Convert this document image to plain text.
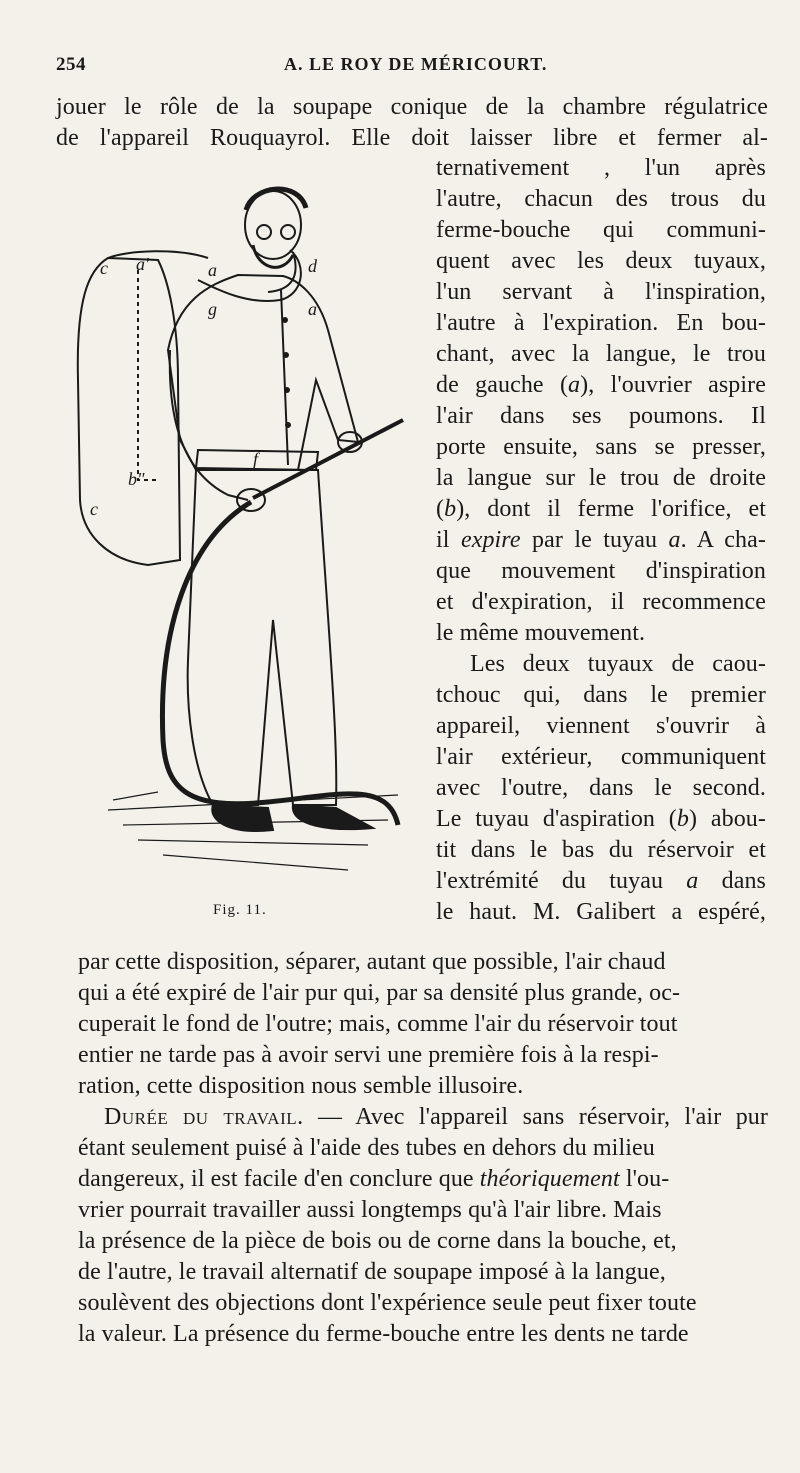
254	A. LE ROY DE MÉRICOURT.
jouer le rôle de la soupape conique de la chambre régulatrice
de l'appareil Rouquayrol. Elle doit laisser libre et fermer al-
ternativement , l'un après
l'autre, chacun des trous du
ferme-bouche qui communi-
quent avec les deux tuyaux,
l'un servant à l'inspiration,
l'autre à l'expiration. En bou-
chant, avec la langue, le trou
de gauche (a), l'ouvrier aspire
l'air dans ses poumons. Il
porte ensuite, sans se presser,
la langue sur le trou de droite
(b), dont il ferme l'orifice, et
il expire par le tuyau a. A cha-
que mouvement d'inspiration
et d'expiration, il recommence
le même mouvement.
Les deux tuyaux de caou-
tchouc qui, dans le premier
appareil, viennent s'ouvrir à
l'air extérieur, communiquent
avec l'outre, dans le second.
Le tuyau d'aspiration (b) abou-
tit dans le bas du réservoir et
l'extrémité du tuyau a dans
le haut. M. Galibert a espéré,
c a'	a	d
a
g
f
b"
c
Fig. 11.
par cette disposition, séparer, autant que possible, l'air chaud
qui a été expiré de l'air pur qui, par sa densité plus grande, oc-
cuperait le fond de l'outre; mais, comme l'air du réservoir tout
entier ne tarde pas à avoir servi une première fois à la respi-
ration, cette disposition nous semble illusoire.
Durée du travail. — Avec l'appareil sans réservoir, l'air pur
étant seulement puisé à l'aide des tubes en dehors du milieu
dangereux, il est facile d'en conclure que théoriquement l'ou-
vrier pourrait travailler aussi longtemps qu'à l'air libre. Mais
la présence de la pièce de bois ou de corne dans la bouche, et,
de l'autre, le travail alternatif de soupape imposé à la langue,
soulèvent des objections dont l'expérience seule peut fixer toute
la valeur. La présence du ferme-bouche entre les dents ne tarde
